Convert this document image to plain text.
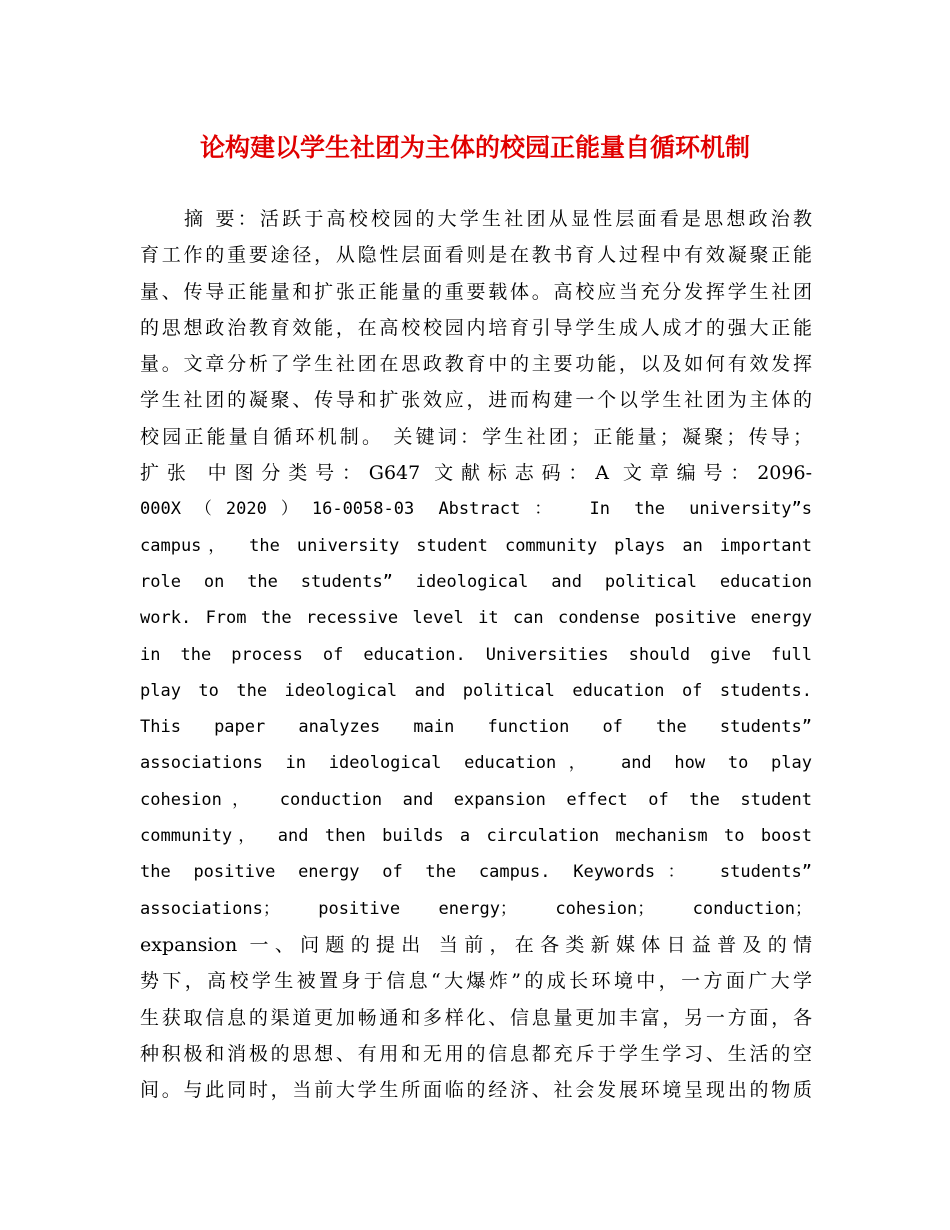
论构建以学生社团为主体的校园正能量自循环机制
摘 要：活跃于高校校园的大学生社团从显性层面看是思想政治教
育工作的重要途径，从隐性层面看则是在教书育人过程中有效凝聚正能
量、传导正能量和扩张正能量的重要载体。高校应当充分发挥学生社团
的思想政治教育效能，在高校校园内培育引导学生成人成才的强大正能
量。文章分析了学生社团在思政教育中的主要功能，以及如何有效发挥
学生社团的凝聚、传导和扩张效应，进而构建一个以学生社团为主体的
校园正能量自循环机制。 关键词：学生社团；正能量；凝聚；传导；
扩张 中图分类号：G647 文献标志码：A 文章编号：2096-
000X（2020）16-0058-03 Abstract： In the university”s
campus， the university student community plays an important
role on the students” ideological and political education
work. From the recessive level it can condense positive energy
in the process of education. Universities should give full
play to the ideological and political education of students.
This paper analyzes main function of the students”
associations in ideological education， and how to play
cohesion， conduction and expansion effect of the student
community， and then builds a circulation mechanism to boost
the positive energy of the campus. Keywords： students”
associations； positive energy； cohesion； conduction；
expansion 一、问题的提出 当前，在各类新媒体日益普及的情
势下，高校学生被置身于信息“大爆炸”的成长环境中，一方面广大学
生获取信息的渠道更加畅通和多样化、信息量更加丰富，另一方面，各
种积极和消极的思想、有用和无用的信息都充斥于学生学习、生活的空
间。与此同时，当前大学生所面临的经济、社会发展环境呈现出的物质
